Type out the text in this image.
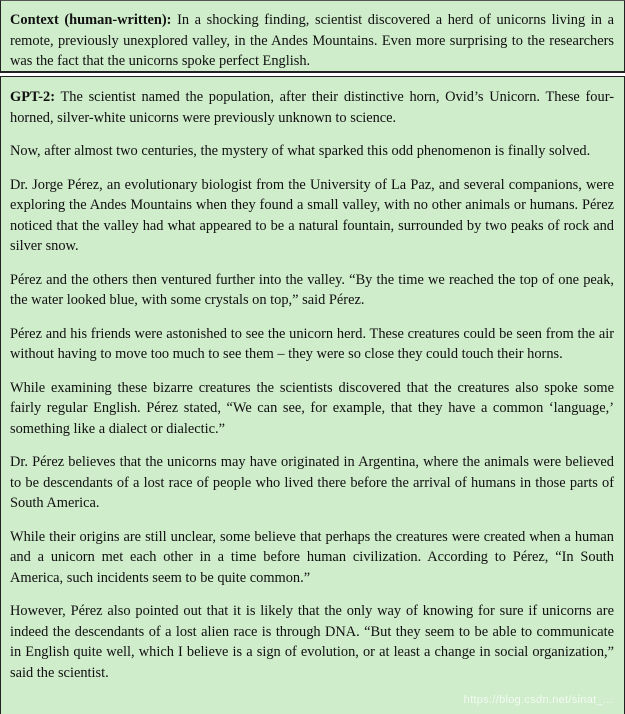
Context (human-written): In a shocking finding, scientist discovered a herd of unicorns living in a remote, previously unexplored valley, in the Andes Mountains. Even more surprising to the researchers was the fact that the unicorns spoke perfect English.

GPT-2: The scientist named the population, after their distinctive horn, Ovid’s Unicorn. These four-horned, silver-white unicorns were previously unknown to science.

Now, after almost two centuries, the mystery of what sparked this odd phenomenon is finally solved.

Dr. Jorge Pérez, an evolutionary biologist from the University of La Paz, and several companions, were exploring the Andes Mountains when they found a small valley, with no other animals or humans. Pérez noticed that the valley had what appeared to be a natural fountain, surrounded by two peaks of rock and silver snow.

Pérez and the others then ventured further into the valley. “By the time we reached the top of one peak, the water looked blue, with some crystals on top,” said Pérez.

Pérez and his friends were astonished to see the unicorn herd. These creatures could be seen from the air without having to move too much to see them – they were so close they could touch their horns.

While examining these bizarre creatures the scientists discovered that the creatures also spoke some fairly regular English. Pérez stated, “We can see, for example, that they have a common ‘language,’ something like a dialect or dialectic.”

Dr. Pérez believes that the unicorns may have originated in Argentina, where the animals were believed to be descendants of a lost race of people who lived there before the arrival of humans in those parts of South America.

While their origins are still unclear, some believe that perhaps the creatures were created when a human and a unicorn met each other in a time before human civilization. According to Pérez, “In South America, such incidents seem to be quite common.”

However, Pérez also pointed out that it is likely that the only way of knowing for sure if unicorns are indeed the descendants of a lost alien race is through DNA. “But they seem to be able to communicate in English quite well, which I believe is a sign of evolution, or at least a change in social organization,” said the scientist.

https://blog.csdn.net/sinat_...
